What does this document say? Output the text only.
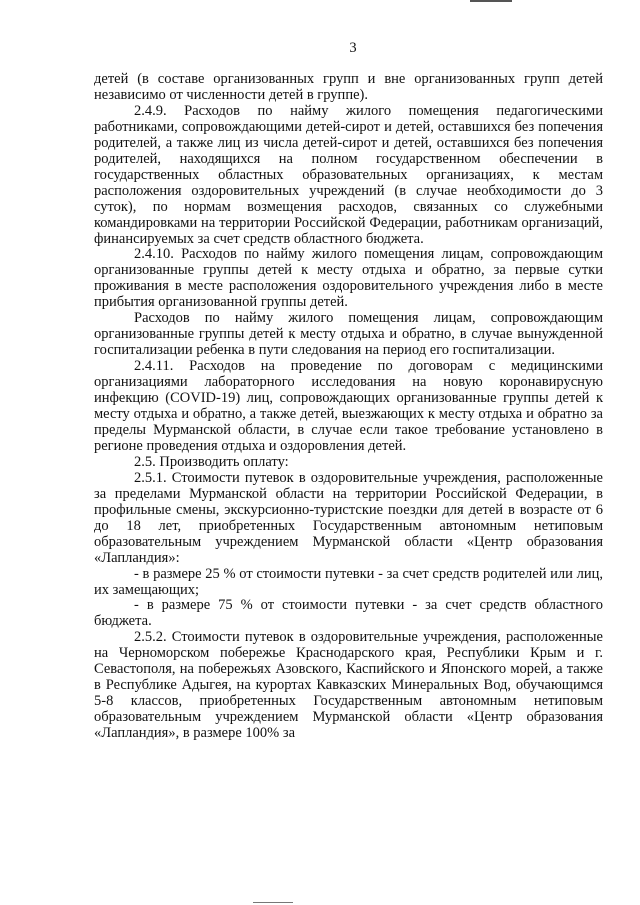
3

детей (в составе организованных групп и вне организованных групп детей независимо от численности детей в группе).

2.4.9. Расходов по найму жилого помещения педагогическими работниками, сопровождающими детей-сирот и детей, оставшихся без попечения родителей, а также лиц из числа детей-сирот и детей, оставшихся без попечения родителей, находящихся на полном государственном обеспечении в государственных областных образовательных организациях, к местам расположения оздоровительных учреждений (в случае необходимости до 3 суток), по нормам возмещения расходов, связанных со служебными командировками на территории Российской Федерации, работникам организаций, финансируемых за счет средств областного бюджета.

2.4.10. Расходов по найму жилого помещения лицам, сопровождающим организованные группы детей к месту отдыха и обратно, за первые сутки проживания в месте расположения оздоровительного учреждения либо в месте прибытия организованной группы детей.

Расходов по найму жилого помещения лицам, сопровождающим организованные группы детей к месту отдыха и обратно, в случае вынужденной госпитализации ребенка в пути следования на период его госпитализации.

2.4.11. Расходов на проведение по договорам с медицинскими организациями лабораторного исследования на новую коронавирусную инфекцию (COVID-19) лиц, сопровождающих организованные группы детей к месту отдыха и обратно, а также детей, выезжающих к месту отдыха и обратно за пределы Мурманской области, в случае если такое требование установлено в регионе проведения отдыха и оздоровления детей.

2.5. Производить оплату:

2.5.1. Стоимости путевок в оздоровительные учреждения, расположенные за пределами Мурманской области на территории Российской Федерации, в профильные смены, экскурсионно-туристские поездки для детей в возрасте от 6 до 18 лет, приобретенных Государственным автономным нетиповым образовательным учреждением Мурманской области «Центр образования «Лапландия»:

- в размере 25 % от стоимости путевки - за счет средств родителей или лиц, их замещающих;

- в размере 75 % от стоимости путевки - за счет средств областного бюджета.

2.5.2. Стоимости путевок в оздоровительные учреждения, расположенные на Черноморском побережье Краснодарского края, Республики Крым и г. Севастополя, на побережьях Азовского, Каспийского и Японского морей, а также в Республике Адыгея, на курортах Кавказских Минеральных Вод, обучающимся 5-8 классов, приобретенных Государственным автономным нетиповым образовательным учреждением Мурманской области «Центр образования «Лапландия», в размере 100% за
